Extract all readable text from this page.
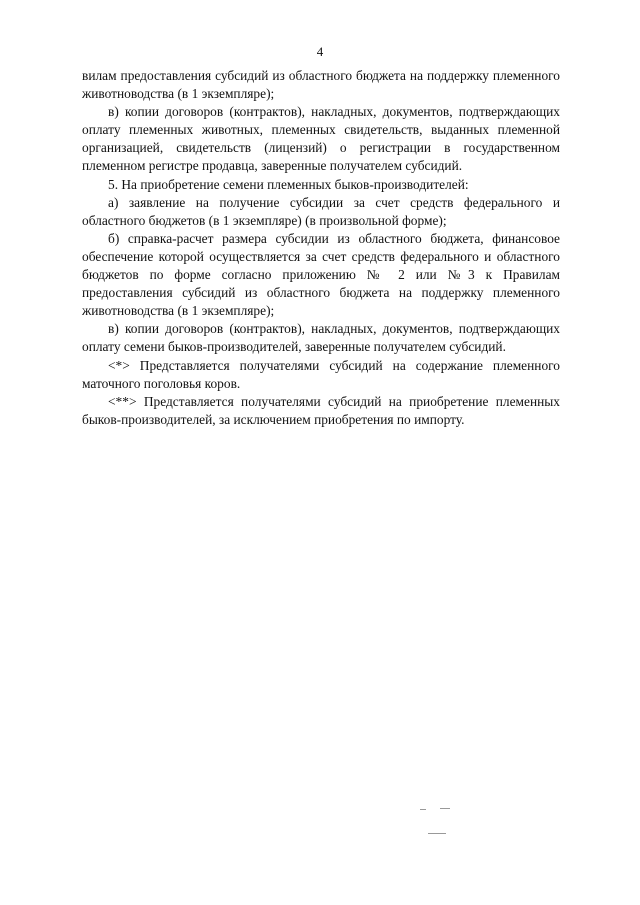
4

вилам предоставления субсидий из областного бюджета на поддержку племенного животноводства (в 1 экземпляре);

в) копии договоров (контрактов), накладных, документов, подтверждающих оплату племенных животных, племенных свидетельств, выданных племенной организацией, свидетельств (лицензий) о регистрации в государственном племенном регистре продавца, заверенные получателем субсидий.

5. На приобретение семени племенных быков-производителей:

а) заявление на получение субсидии за счет средств федерального и областного бюджетов (в 1 экземпляре) (в произвольной форме);

б) справка-расчет размера субсидии из областного бюджета, финансовое обеспечение которой осуществляется за счет средств федерального и областного бюджетов по форме согласно приложению № 2 или №3 к Правилам предоставления субсидий из областного бюджета на поддержку племенного животноводства (в 1 экземпляре);

в) копии договоров (контрактов), накладных, документов, подтверждающих оплату семени быков-производителей, заверенные получателем субсидий.

<*> Представляется получателями субсидий на содержание племенного маточного поголовья коров.

<**> Представляется получателями субсидий на приобретение племенных быков-производителей, за исключением приобретения по импорту.
